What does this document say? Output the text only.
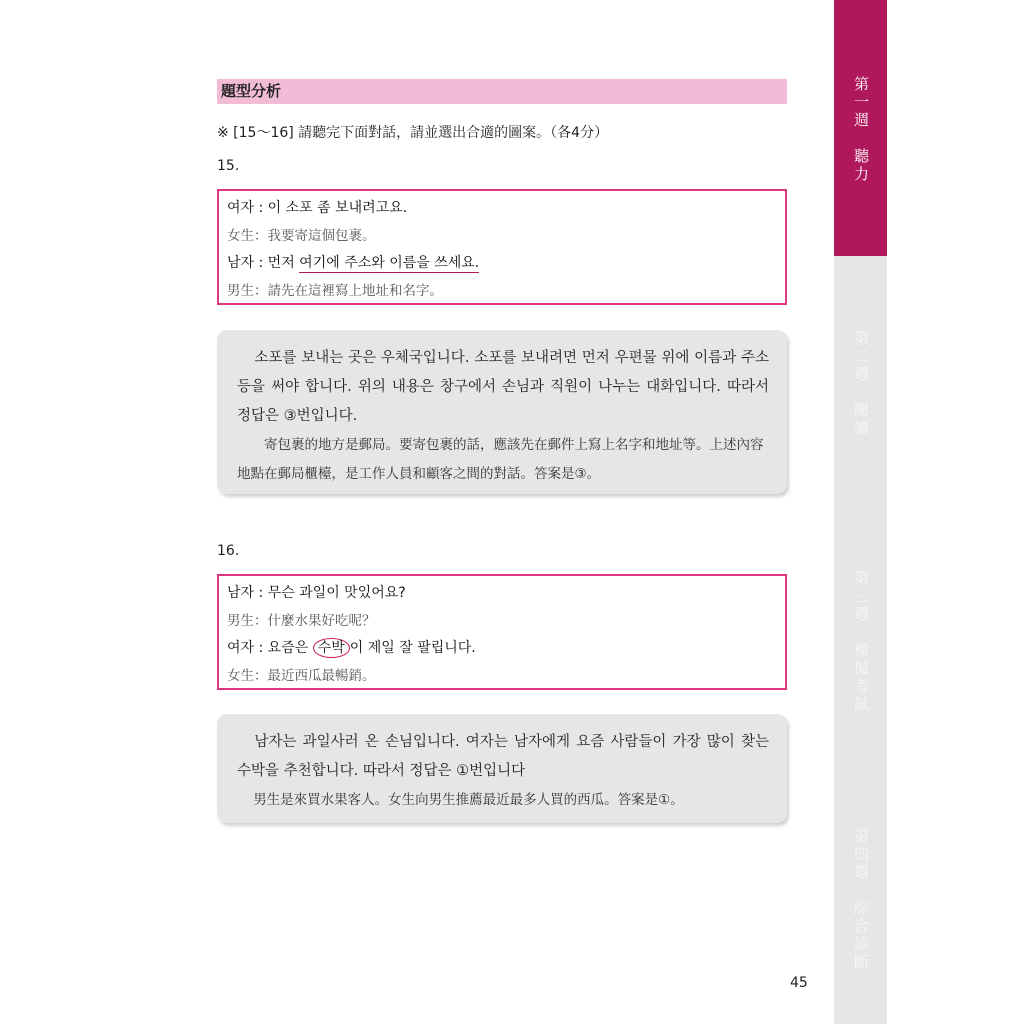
第一週
聽力
第二週
閱讀
第三週
模擬考試
第四週
綜合診斷
題型分析
※ [15～16] 請聽完下面對話，請並選出合適的圖案。（各4分）
15.
여자 : 이 소포 좀 보내려고요.
女生：我要寄這個包裹。
남자 : 먼저 여기에 주소와 이름을 쓰세요.
男生：請先在這裡寫上地址和名字。

소포를 보내는 곳은 우체국입니다. 소포를 보내려면 먼저 우편물 위에 이름과 주소 등을 써야 합니다. 위의 내용은 창구에서 손님과 직원이 나누는 대화입니다. 따라서 정답은 ③번입니다.

寄包裹的地方是郵局。要寄包裹的話，應該先在郵件上寫上名字和地址等。上述內容地點在郵局櫃檯，是工作人員和顧客之間的對話。答案是③。

16.
남자 : 무슨 과일이 맛있어요?
男生：什麼水果好吃呢？
여자 : 요즘은 수박 이 제일 잘 팔립니다.
女生：最近西瓜最暢銷。

남자는 과일사러 온 손님입니다. 여자는 남자에게 요즘 사람들이 가장 많이 찾는 수박을 추천합니다. 따라서 정답은 ①번입니다

男生是來買水果客人。女生向男生推薦最近最多人買的西瓜。答案是①。

45
